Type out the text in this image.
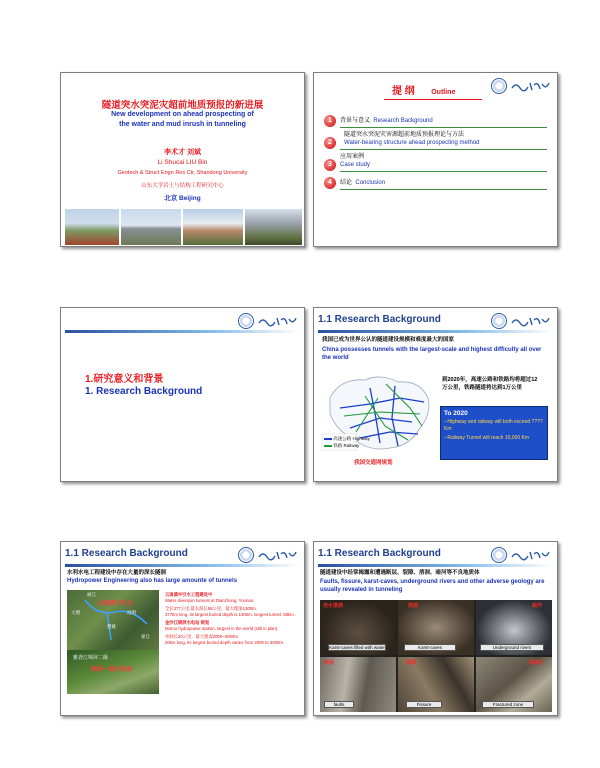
隧道突水突泥灾超前地质预报的新进展
New development on ahead prospecting of
the water and mud inrush in tunneling
李术才 刘斌
Li Shucai LIU Bin
Geotech & Struct Engn Res Ctr, Shandong University
山东大学岩土与结构工程研究中心
北京 Beijing
提 纲 Outline
1	背景与意义 Research Background
2
隧道突水突泥灾害源超前地质预报理论与方法
Water-bearing structure ahead prospecting method
3
应用案例
Case study
4	结论 Conclusion
1.研究意义和背景
1. Research Background
1.1 Research Background
我国已成为世界公认的隧道建设规模和难度最大的国家
China possesses tunnels with the largest-scale and highest difficulty all over the world
高速公路 Highway
铁路 Railway
我国交通网规划
到2020年，高速公路和铁路均将超过12万公里，铁路隧道将达到1万公里
To 2020
--Highway and railway will both exceed ???? Km
--Railway Tunnel will reach 10,000 Km
1.1 Research Background
水利水电工程建设中存在大量的深长隧洞
Hydropower Engineering also has large amounte of tunnels
云南滇中引水
丽江
大理	昆明
楚雄
蒙自
雅砻江锦屏二级
锦屏一级水电站
云南滇中引水工程建设中
Water diversion tunnels at Dianzhong, Yunnan.
全长377公里,最长洞长58公里，最大埋深1300m.
377km long, its largest buried depth is 1300m, longest tunnel, 58km .
金沙江锦屏水电站 规划
Moruo hydropower station, largest in the world (still in plan).
单洞长20公里，最大埋深2000~3000m
20km long, its largest buried depth varies from 2000 to 3000m.
1.1 Research Background
隧道建设中经常揭露和遭遇断层、裂隙、溶洞、暗河等不良地质体
Faults, fissure, karst-caves, underground rivers and other adverse geology are usually revealed in tunneling
充水溶洞
Karst-caves filled with water
溶洞
Karst-caves
暗河
Underground rivers
断层
faults
裂隙
Fissure
破碎区
Fractured zone
